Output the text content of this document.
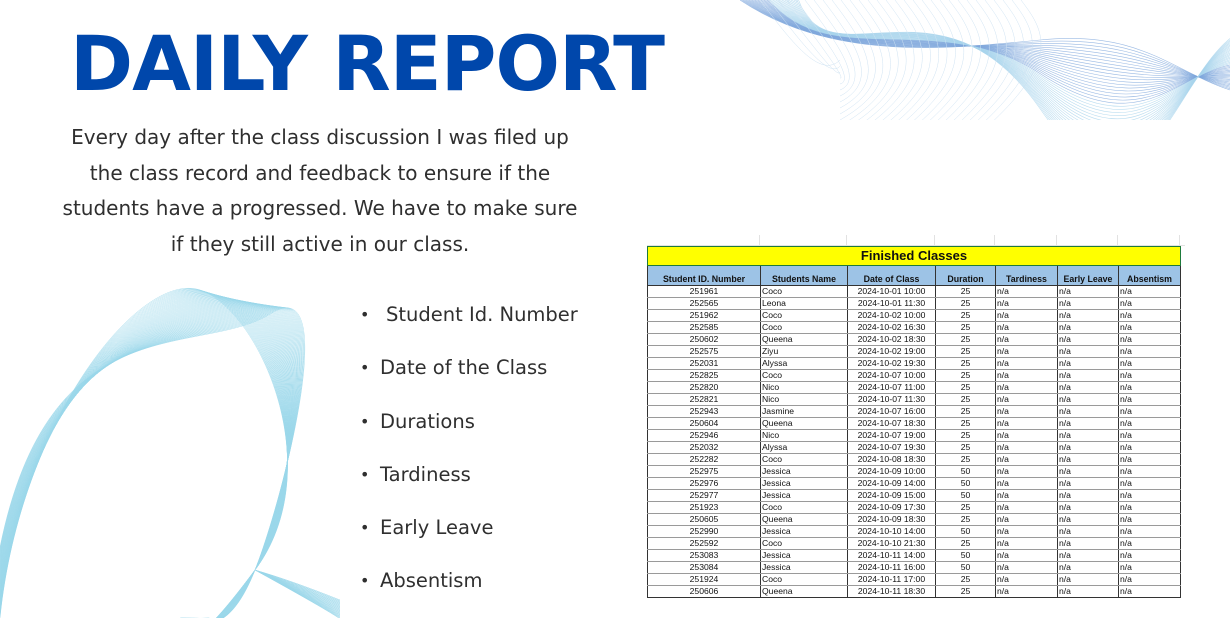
DAILY REPORT

Every day after the class discussion I was filed up the class record and feedback to ensure if the students have a progressed. We have to make sure if they still active in our class.

• Student Id. Number
• Date of the Class
• Durations
• Tardiness
• Early Leave
• Absentism
Finished Classes
Student ID. Number	Students Name	Date of Class	Duration	Tardiness	Early Leave	Absentism
251961	Coco	2024-10-01 10:00	25	n/a	n/a	n/a
252565	Leona	2024-10-01 11:30	25	n/a	n/a	n/a
251962	Coco	2024-10-02 10:00	25	n/a	n/a	n/a
252585	Coco	2024-10-02 16:30	25	n/a	n/a	n/a
250602	Queena	2024-10-02 18:30	25	n/a	n/a	n/a
252575	Ziyu	2024-10-02 19:00	25	n/a	n/a	n/a
252031	Alyssa	2024-10-02 19:30	25	n/a	n/a	n/a
252825	Coco	2024-10-07 10:00	25	n/a	n/a	n/a
252820	Nico	2024-10-07 11:00	25	n/a	n/a	n/a
252821	Nico	2024-10-07 11:30	25	n/a	n/a	n/a
252943	Jasmine	2024-10-07 16:00	25	n/a	n/a	n/a
250604	Queena	2024-10-07 18:30	25	n/a	n/a	n/a
252946	Nico	2024-10-07 19:00	25	n/a	n/a	n/a
252032	Alyssa	2024-10-07 19:30	25	n/a	n/a	n/a
252282	Coco	2024-10-08 18:30	25	n/a	n/a	n/a
252975	Jessica	2024-10-09 10:00	50	n/a	n/a	n/a
252976	Jessica	2024-10-09 14:00	50	n/a	n/a	n/a
252977	Jessica	2024-10-09 15:00	50	n/a	n/a	n/a
251923	Coco	2024-10-09 17:30	25	n/a	n/a	n/a
250605	Queena	2024-10-09 18:30	25	n/a	n/a	n/a
252990	Jessica	2024-10-10 14:00	50	n/a	n/a	n/a
252592	Coco	2024-10-10 21:30	25	n/a	n/a	n/a
253083	Jessica	2024-10-11 14:00	50	n/a	n/a	n/a
253084	Jessica	2024-10-11 16:00	50	n/a	n/a	n/a
251924	Coco	2024-10-11 17:00	25	n/a	n/a	n/a
250606	Queena	2024-10-11 18:30	25	n/a	n/a	n/a
